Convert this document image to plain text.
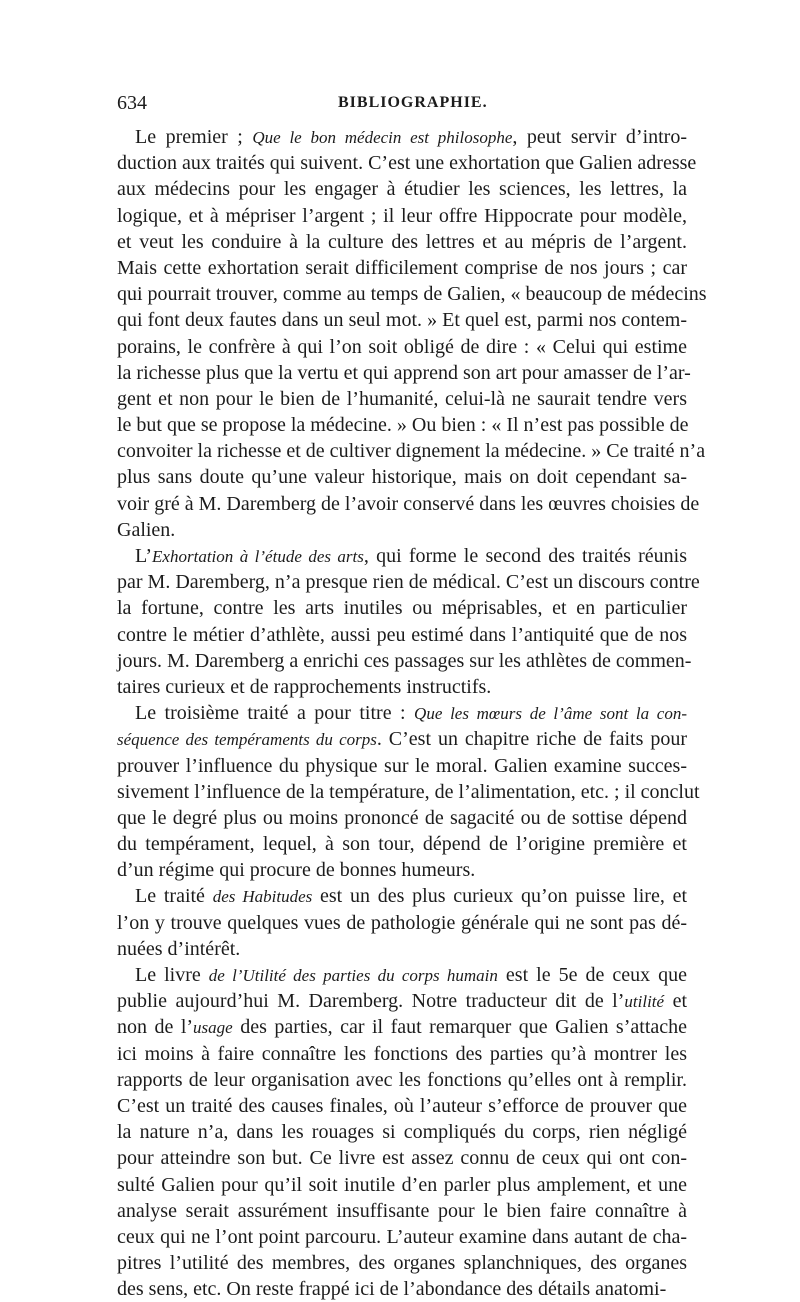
634	BIBLIOGRAPHIE.
Le premier ; Que le bon médecin est philosophe, peut servir d’intro-
duction aux traités qui suivent. C’est une exhortation que Galien adresse
aux médecins pour les engager à étudier les sciences, les lettres, la
logique, et à mépriser l’argent ; il leur offre Hippocrate pour modèle,
et veut les conduire à la culture des lettres et au mépris de l’argent.
Mais cette exhortation serait difficilement comprise de nos jours ; car
qui pourrait trouver, comme au temps de Galien, « beaucoup de médecins
qui font deux fautes dans un seul mot. » Et quel est, parmi nos contem-
porains, le confrère à qui l’on soit obligé de dire : « Celui qui estime
la richesse plus que la vertu et qui apprend son art pour amasser de l’ar-
gent et non pour le bien de l’humanité, celui-là ne saurait tendre vers
le but que se propose la médecine. » Ou bien : « Il n’est pas possible de
convoiter la richesse et de cultiver dignement la médecine. » Ce traité n’a
plus sans doute qu’une valeur historique, mais on doit cependant sa-
voir gré à M. Daremberg de l’avoir conservé dans les œuvres choisies de
Galien.
L’Exhortation à l’étude des arts, qui forme le second des traités réunis
par M. Daremberg, n’a presque rien de médical. C’est un discours contre
la fortune, contre les arts inutiles ou méprisables, et en particulier
contre le métier d’athlète, aussi peu estimé dans l’antiquité que de nos
jours. M. Daremberg a enrichi ces passages sur les athlètes de commen-
taires curieux et de rapprochements instructifs.
Le troisième traité a pour titre : Que les mœurs de l’âme sont la con-
séquence des tempéraments du corps. C’est un chapitre riche de faits pour
prouver l’influence du physique sur le moral. Galien examine succes-
sivement l’influence de la température, de l’alimentation, etc. ; il conclut
que le degré plus ou moins prononcé de sagacité ou de sottise dépend
du tempérament, lequel, à son tour, dépend de l’origine première et
d’un régime qui procure de bonnes humeurs.
Le traité des Habitudes est un des plus curieux qu’on puisse lire, et
l’on y trouve quelques vues de pathologie générale qui ne sont pas dé-
nuées d’intérêt.
Le livre de l’Utilité des parties du corps humain est le 5e de ceux que
publie aujourd’hui M. Daremberg. Notre traducteur dit de l’utilité et
non de l’usage des parties, car il faut remarquer que Galien s’attache
ici moins à faire connaître les fonctions des parties qu’à montrer les
rapports de leur organisation avec les fonctions qu’elles ont à remplir.
C’est un traité des causes finales, où l’auteur s’efforce de prouver que
la nature n’a, dans les rouages si compliqués du corps, rien négligé
pour atteindre son but. Ce livre est assez connu de ceux qui ont con-
sulté Galien pour qu’il soit inutile d’en parler plus amplement, et une
analyse serait assurément insuffisante pour le bien faire connaître à
ceux qui ne l’ont point parcouru. L’auteur examine dans autant de cha-
pitres l’utilité des membres, des organes splanchniques, des organes
des sens, etc. On reste frappé ici de l’abondance des détails anatomi-
